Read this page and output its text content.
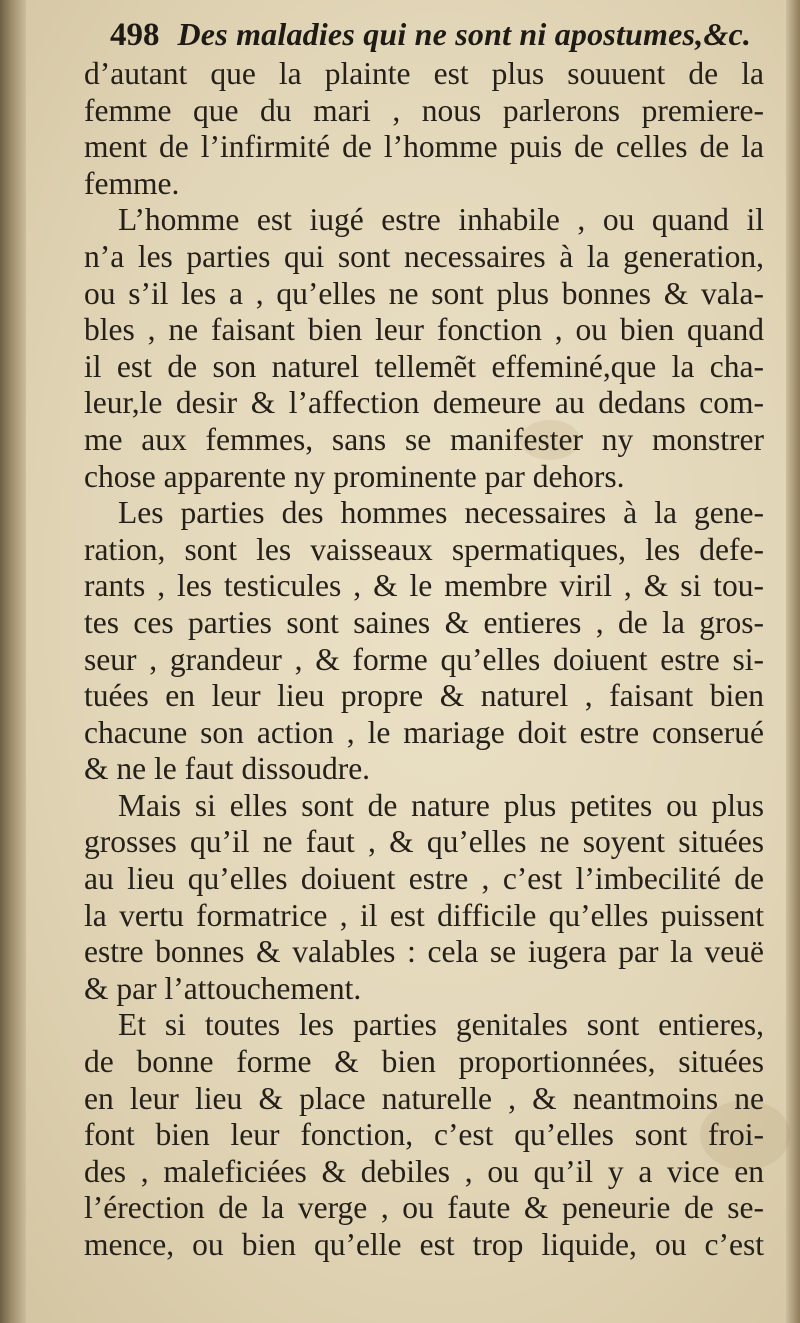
498 Des maladies qui ne sont ni apostumes,&c.
d’autant que la plainte est plus souuent de la
femme que du mari , nous parlerons premiere-
ment de l’infirmité de l’homme puis de celles de la
femme.
L’homme est iugé estre inhabile , ou quand il
n’a les parties qui sont necessaires à la generation,
ou s’il les a , qu’elles ne sont plus bonnes & vala-
bles , ne faisant bien leur fonction , ou bien quand
il est de son naturel tellemẽt effeminé,que la cha-
leur,le desir & l’affection demeure au dedans com-
me aux femmes, sans se manifester ny monstrer
chose apparente ny prominente par dehors.
Les parties des hommes necessaires à la gene-
ration, sont les vaisseaux spermatiques, les defe-
rants , les testicules , & le membre viril , & si tou-
tes ces parties sont saines & entieres , de la gros-
seur , grandeur , & forme qu’elles doiuent estre si-
tuées en leur lieu propre & naturel , faisant bien
chacune son action , le mariage doit estre conserué
& ne le faut dissoudre.
Mais si elles sont de nature plus petites ou plus
grosses qu’il ne faut , & qu’elles ne soyent situées
au lieu qu’elles doiuent estre , c’est l’imbecilité de
la vertu formatrice , il est difficile qu’elles puissent
estre bonnes & valables : cela se iugera par la veuë
& par l’attouchement.
Et si toutes les parties genitales sont entieres,
de bonne forme & bien proportionnées, situées
en leur lieu & place naturelle , & neantmoins ne
font bien leur fonction, c’est qu’elles sont froi-
des , maleficiées & debiles , ou qu’il y a vice en
l’érection de la verge , ou faute & peneurie de se-
mence, ou bien qu’elle est trop liquide, ou c’est
